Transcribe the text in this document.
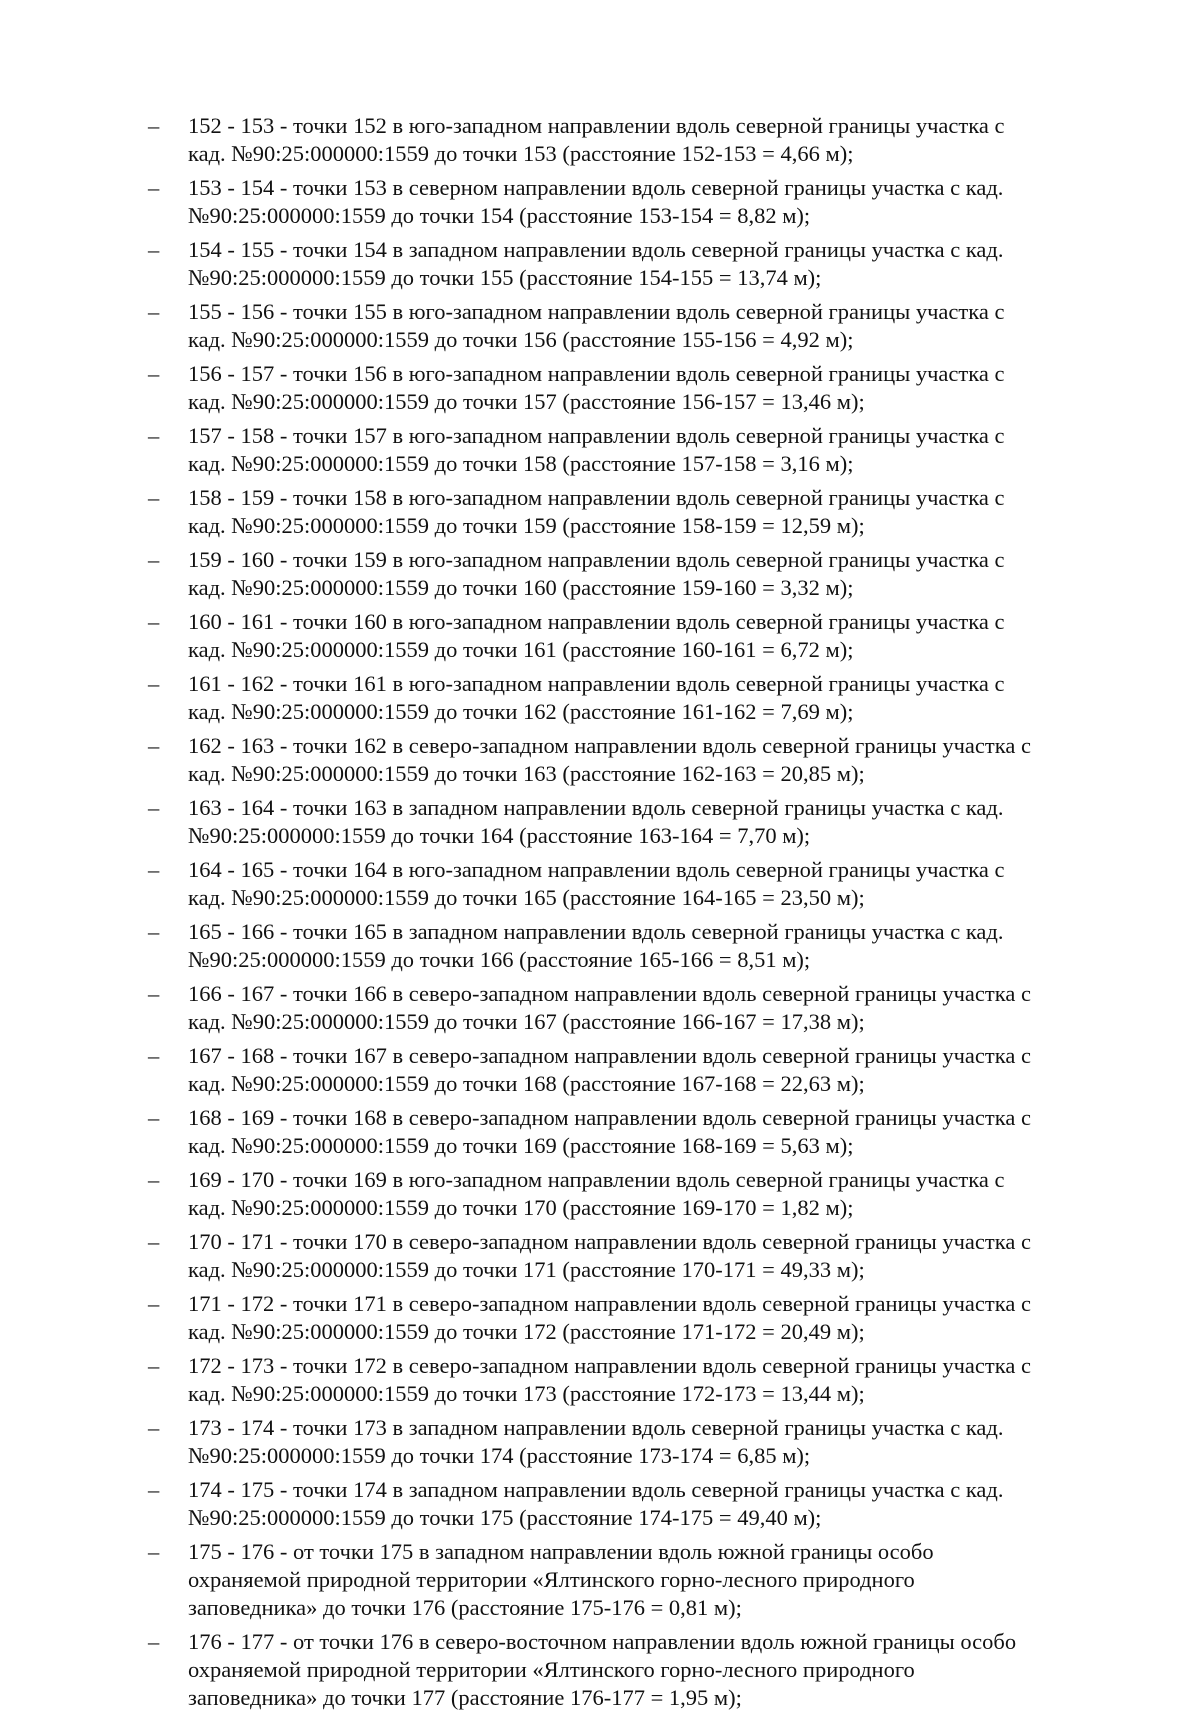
–	152 - 153 - точки 152 в юго-западном направлении вдоль северной границы участка с
кад. №90:25:000000:1559 до точки 153 (расстояние 152-153 = 4,66 м);
–	153 - 154 - точки 153 в северном направлении вдоль северной границы участка с кад.
№90:25:000000:1559 до точки 154 (расстояние 153-154 = 8,82 м);
–	154 - 155 - точки 154 в западном направлении вдоль северной границы участка с кад.
№90:25:000000:1559 до точки 155 (расстояние 154-155 = 13,74 м);
–	155 - 156 - точки 155 в юго-западном направлении вдоль северной границы участка с
кад. №90:25:000000:1559 до точки 156 (расстояние 155-156 = 4,92 м);
–	156 - 157 - точки 156 в юго-западном направлении вдоль северной границы участка с
кад. №90:25:000000:1559 до точки 157 (расстояние 156-157 = 13,46 м);
–	157 - 158 - точки 157 в юго-западном направлении вдоль северной границы участка с
кад. №90:25:000000:1559 до точки 158 (расстояние 157-158 = 3,16 м);
–	158 - 159 - точки 158 в юго-западном направлении вдоль северной границы участка с
кад. №90:25:000000:1559 до точки 159 (расстояние 158-159 = 12,59 м);
–	159 - 160 - точки 159 в юго-западном направлении вдоль северной границы участка с
кад. №90:25:000000:1559 до точки 160 (расстояние 159-160 = 3,32 м);
–	160 - 161 - точки 160 в юго-западном направлении вдоль северной границы участка с
кад. №90:25:000000:1559 до точки 161 (расстояние 160-161 = 6,72 м);
–	161 - 162 - точки 161 в юго-западном направлении вдоль северной границы участка с
кад. №90:25:000000:1559 до точки 162 (расстояние 161-162 = 7,69 м);
–	162 - 163 - точки 162 в северо-западном направлении вдоль северной границы участка с
кад. №90:25:000000:1559 до точки 163 (расстояние 162-163 = 20,85 м);
–	163 - 164 - точки 163 в западном направлении вдоль северной границы участка с кад.
№90:25:000000:1559 до точки 164 (расстояние 163-164 = 7,70 м);
–	164 - 165 - точки 164 в юго-западном направлении вдоль северной границы участка с
кад. №90:25:000000:1559 до точки 165 (расстояние 164-165 = 23,50 м);
–	165 - 166 - точки 165 в западном направлении вдоль северной границы участка с кад.
№90:25:000000:1559 до точки 166 (расстояние 165-166 = 8,51 м);
–	166 - 167 - точки 166 в северо-западном направлении вдоль северной границы участка с
кад. №90:25:000000:1559 до точки 167 (расстояние 166-167 = 17,38 м);
–	167 - 168 - точки 167 в северо-западном направлении вдоль северной границы участка с
кад. №90:25:000000:1559 до точки 168 (расстояние 167-168 = 22,63 м);
–	168 - 169 - точки 168 в северо-западном направлении вдоль северной границы участка с
кад. №90:25:000000:1559 до точки 169 (расстояние 168-169 = 5,63 м);
–	169 - 170 - точки 169 в юго-западном направлении вдоль северной границы участка с
кад. №90:25:000000:1559 до точки 170 (расстояние 169-170 = 1,82 м);
–	170 - 171 - точки 170 в северо-западном направлении вдоль северной границы участка с
кад. №90:25:000000:1559 до точки 171 (расстояние 170-171 = 49,33 м);
–	171 - 172 - точки 171 в северо-западном направлении вдоль северной границы участка с
кад. №90:25:000000:1559 до точки 172 (расстояние 171-172 = 20,49 м);
–	172 - 173 - точки 172 в северо-западном направлении вдоль северной границы участка с
кад. №90:25:000000:1559 до точки 173 (расстояние 172-173 = 13,44 м);
–	173 - 174 - точки 173 в западном направлении вдоль северной границы участка с кад.
№90:25:000000:1559 до точки 174 (расстояние 173-174 = 6,85 м);
–	174 - 175 - точки 174 в западном направлении вдоль северной границы участка с кад.
№90:25:000000:1559 до точки 175 (расстояние 174-175 = 49,40 м);
–	175 - 176 - от точки 175 в западном направлении вдоль южной границы особо
охраняемой природной территории «Ялтинского горно-лесного природного
заповедника» до точки 176 (расстояние 175-176 = 0,81 м);
–	176 - 177 - от точки 176 в северо-восточном направлении вдоль южной границы особо
охраняемой природной территории «Ялтинского горно-лесного природного
заповедника» до точки 177 (расстояние 176-177 = 1,95 м);
